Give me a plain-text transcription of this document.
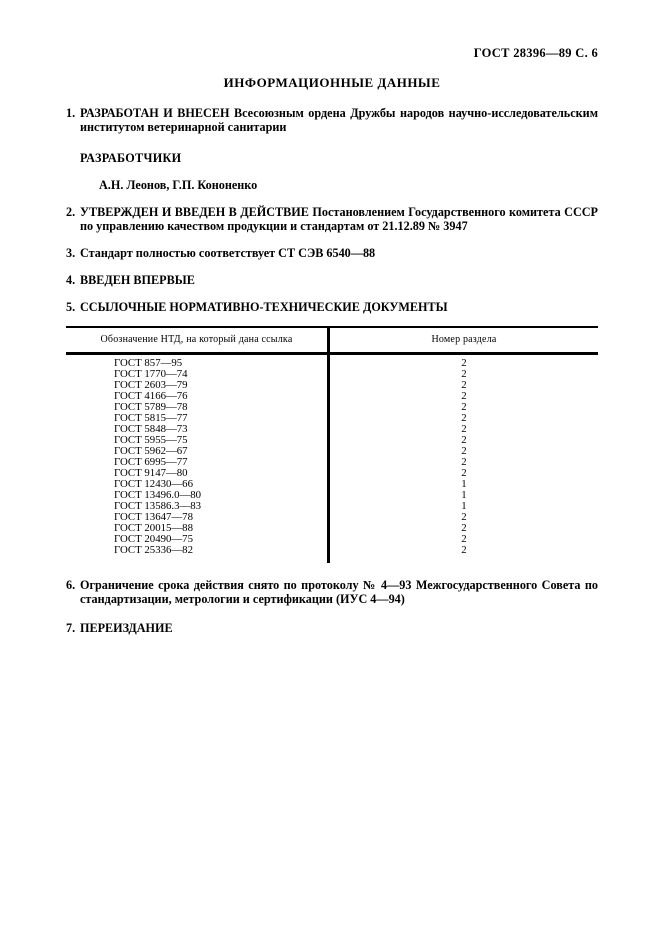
ГОСТ 28396—89 С. 6
ИНФОРМАЦИОННЫЕ ДАННЫЕ
1. РАЗРАБОТАН И ВНЕСЕН Всесоюзным ордена Дружбы народов научно-исследовательским институтом ветеринарной санитарии
РАЗРАБОТЧИКИ
А.Н. Леонов, Г.П. Кононенко
2. УТВЕРЖДЕН И ВВЕДЕН В ДЕЙСТВИЕ Постановлением Государственного комитета СССР по управлению качеством продукции и стандартам от 21.12.89 № 3947
3. Стандарт полностью соответствует СТ СЭВ 6540—88
4. ВВЕДЕН ВПЕРВЫЕ
5. ССЫЛОЧНЫЕ НОРМАТИВНО-ТЕХНИЧЕСКИЕ ДОКУМЕНТЫ
Обозначение НТД, на который дана ссылка	Номер раздела
ГОСТ 857—95	2
ГОСТ 1770—74	2
ГОСТ 2603—79	2
ГОСТ 4166—76	2
ГОСТ 5789—78	2
ГОСТ 5815—77	2
ГОСТ 5848—73	2
ГОСТ 5955—75	2
ГОСТ 5962—67	2
ГОСТ 6995—77	2
ГОСТ 9147—80	2
ГОСТ 12430—66	1
ГОСТ 13496.0—80	1
ГОСТ 13586.3—83	1
ГОСТ 13647—78	2
ГОСТ 20015—88	2
ГОСТ 20490—75	2
ГОСТ 25336—82	2
6. Ограничение срока действия снято по протоколу № 4—93 Межгосударственного Совета по стандартизации, метрологии и сертификации (ИУС 4—94)
7. ПЕРЕИЗДАНИЕ
